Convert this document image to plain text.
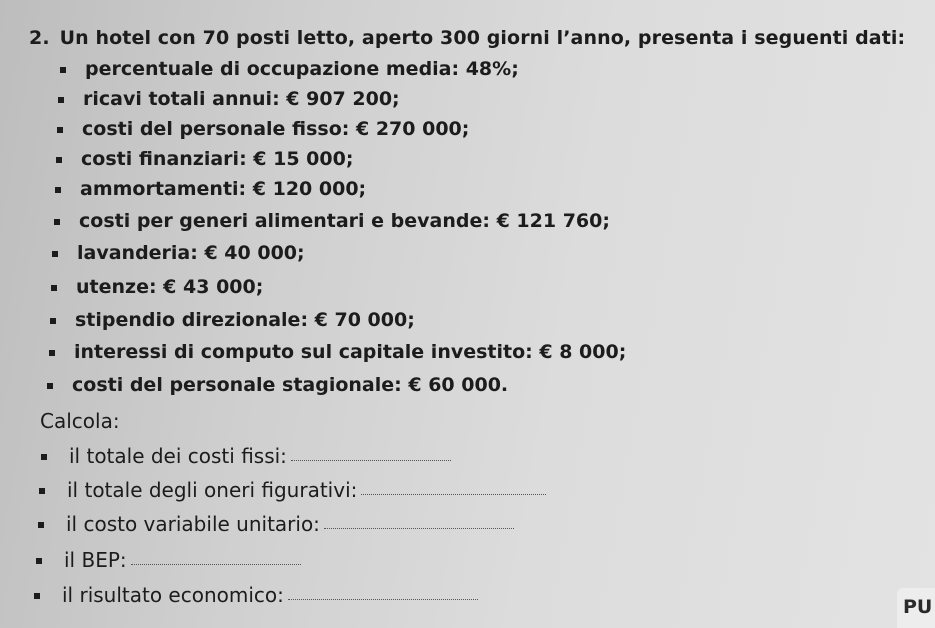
2. Un hotel con 70 posti letto, aperto 300 giorni l’anno, presenta i seguenti dati:
percentuale di occupazione media: 48%;
ricavi totali annui: € 907 200;
costi del personale fisso: € 270 000;
costi finanziari: € 15 000;
ammortamenti: € 120 000;
costi per generi alimentari e bevande: € 121 760;
lavanderia: € 40 000;
utenze: € 43 000;
stipendio direzionale: € 70 000;
interessi di computo sul capitale investito: € 8 000;
costi del personale stagionale: € 60 000.
Calcola:
il totale dei costi fissi:
il totale degli oneri figurativi:
il costo variabile unitario:
il BEP:
il risultato economico:	PU
